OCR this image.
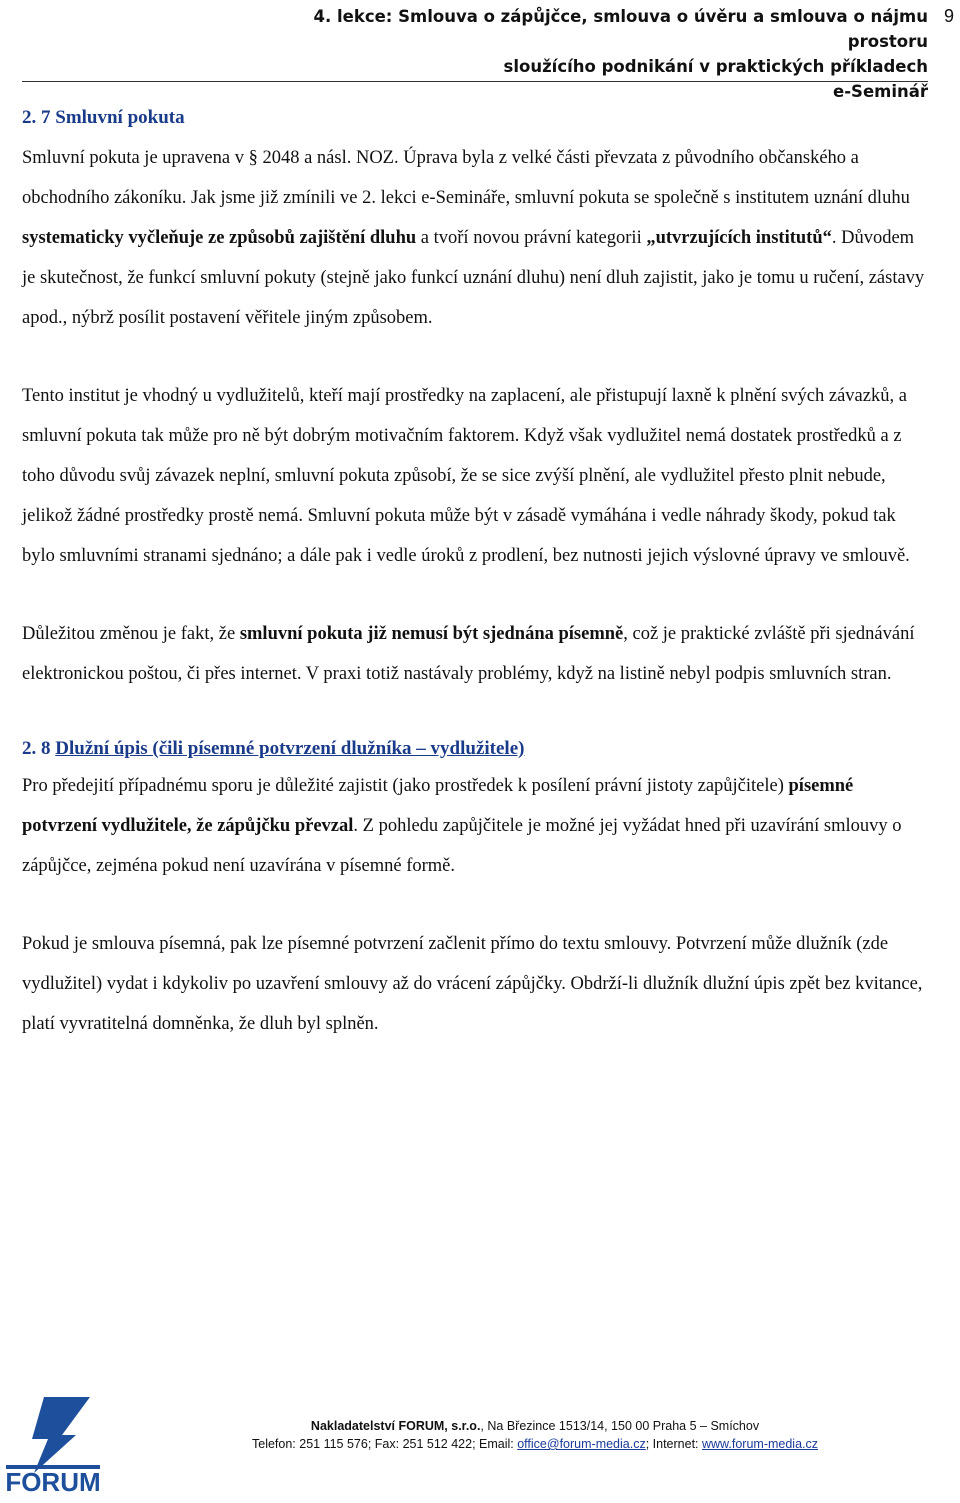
4. lekce: Smlouva o zápůjčce, smlouva o úvěru a smlouva o nájmu prostoru
sloužícího podnikání v praktických příkladech
e-Seminář
9

2. 7 Smluvní pokuta

Smluvní pokuta je upravena v § 2048 a násl. NOZ. Úprava byla z velké části převzata z původního občanského a obchodního zákoníku. Jak jsme již zmínili ve 2. lekci e-Semináře, smluvní pokuta se společně s institutem uznání dluhu systematicky vyčleňuje ze způsobů zajištění dluhu a tvoří novou právní kategorii „utvrzujících institutů“. Důvodem je skutečnost, že funkcí smluvní pokuty (stejně jako funkcí uznání dluhu) není dluh zajistit, jako je tomu u ručení, zástavy apod., nýbrž posílit postavení věřitele jiným způsobem.

Tento institut je vhodný u vydlužitelů, kteří mají prostředky na zaplacení, ale přistupují laxně k plnění svých závazků, a smluvní pokuta tak může pro ně být dobrým motivačním faktorem. Když však vydlužitel nemá dostatek prostředků a z toho důvodu svůj závazek neplní, smluvní pokuta způsobí, že se sice zvýší plnění, ale vydlužitel přesto plnit nebude, jelikož žádné prostředky prostě nemá. Smluvní pokuta může být v zásadě vymáhána i vedle náhrady škody, pokud tak bylo smluvními stranami sjednáno; a dále pak i vedle úroků z prodlení, bez nutnosti jejich výslovné úpravy ve smlouvě.

Důležitou změnou je fakt, že smluvní pokuta již nemusí být sjednána písemně, což je praktické zvláště při sjednávání elektronickou poštou, či přes internet. V praxi totiž nastávaly problémy, když na listině nebyl podpis smluvních stran.

2. 8 Dlužní úpis (čili písemné potvrzení dlužníka – vydlužitele)

Pro předejití případnému sporu je důležité zajistit (jako prostředek k posílení právní jistoty zapůjčitele) písemné potvrzení vydlužitele, že zápůjčku převzal. Z pohledu zapůjčitele je možné jej vyžádat hned při uzavírání smlouvy o zápůjčce, zejména pokud není uzavírána v písemné formě.

Pokud je smlouva písemná, pak lze písemné potvrzení začlenit přímo do textu smlouvy. Potvrzení může dlužník (zde vydlužitel) vydat i kdykoliv po uzavření smlouvy až do vrácení zápůjčky. Obdrží-li dlužník dlužní úpis zpět bez kvitance, platí vyvratitelná domněnka, že dluh byl splněn.

FORUM
Nakladatelství FORUM, s.r.o., Na Březince 1513/14, 150 00 Praha 5 – Smíchov
Telefon: 251 115 576; Fax: 251 512 422; Email: office@forum-media.cz; Internet: www.forum-media.cz
